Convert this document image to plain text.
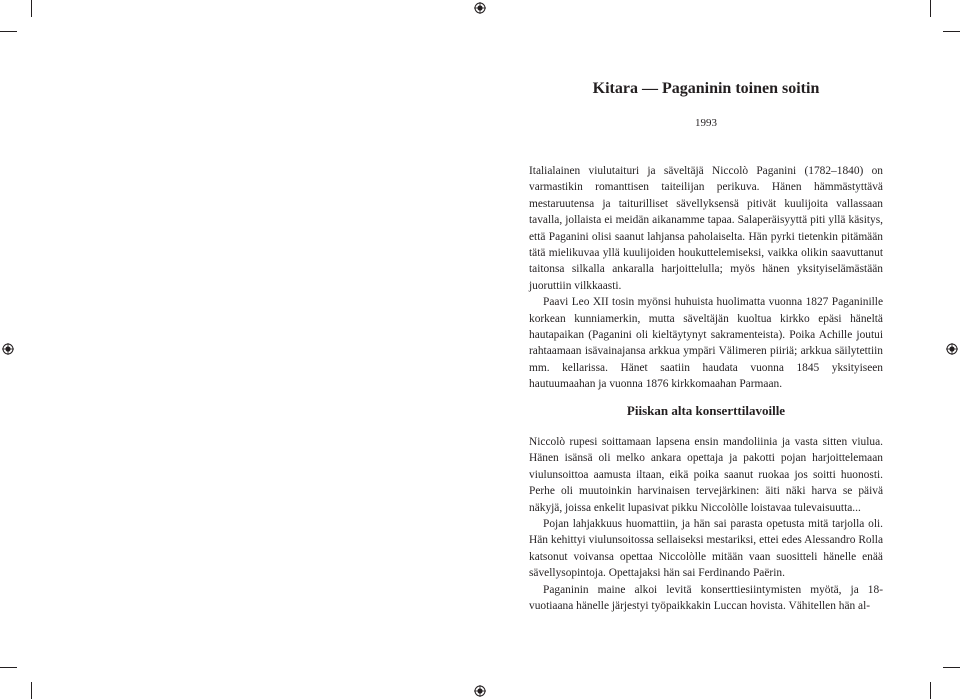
Kitara — Paganinin toinen soitin

1993

Italialainen viulutaituri ja säveltäjä Niccolò Paganini (1782–1840) on varmastikin romanttisen taiteilijan perikuva. Hänen hämmästyttävä mestaruutensa ja taiturilliset sävellyksensä pitivät kuulijoita vallassaan tavalla, jollaista ei meidän aikanamme tapaa. Salaperäisyyttä piti yllä käsitys, että Paganini olisi saanut lahjansa paholaiselta. Hän pyrki tietenkin pitämään tätä mielikuvaa yllä kuulijoiden houkuttelemiseksi, vaikka olikin saavuttanut taitonsa silkalla ankaralla harjoittelulla; myös hänen yksityiselämästään juoruttiin vilkkaasti.

Paavi Leo XII tosin myönsi huhuista huolimatta vuonna 1827 Paganinille korkean kunniamerkin, mutta säveltäjän kuoltua kirkko epäsi häneltä hautapaikan (Paganini oli kieltäytynyt sakramenteista). Poika Achille joutui rahtaamaan isävainajansa arkkua ympäri Välimeren piiriä; arkkua säilytettiin mm. kellarissa. Hänet saatiin haudata vuonna 1845 yksityiseen hautuumaahan ja vuonna 1876 kirkkomaahan Parmaan.

Piiskan alta konserttilavoille

Niccolò rupesi soittamaan lapsena ensin mandoliinia ja vasta sitten viulua. Hänen isänsä oli melko ankara opettaja ja pakotti pojan harjoittelemaan viulunsoittoa aamusta iltaan, eikä poika saanut ruokaa jos soitti huonosti. Perhe oli muutoinkin harvinaisen tervejärkinen: äiti näki harva se päivä näkyjä, joissa enkelit lupasivat pikku Niccolòlle loistavaa tulevaisuutta...

Pojan lahjakkuus huomattiin, ja hän sai parasta opetusta mitä tarjolla oli. Hän kehittyi viulunsoitossa sellaiseksi mestariksi, ettei edes Alessandro Rolla katsonut voivansa opettaa Niccolòlle mitään vaan suositteli hänelle enää sävellysopintoja. Opettajaksi hän sai Ferdinando Paërin.

Paganinin maine alkoi levitä konserttiesiintymisten myötä, ja 18-vuotiaana hänelle järjestyi työpaikkakin Luccan hovista. Vähitellen hän al-
